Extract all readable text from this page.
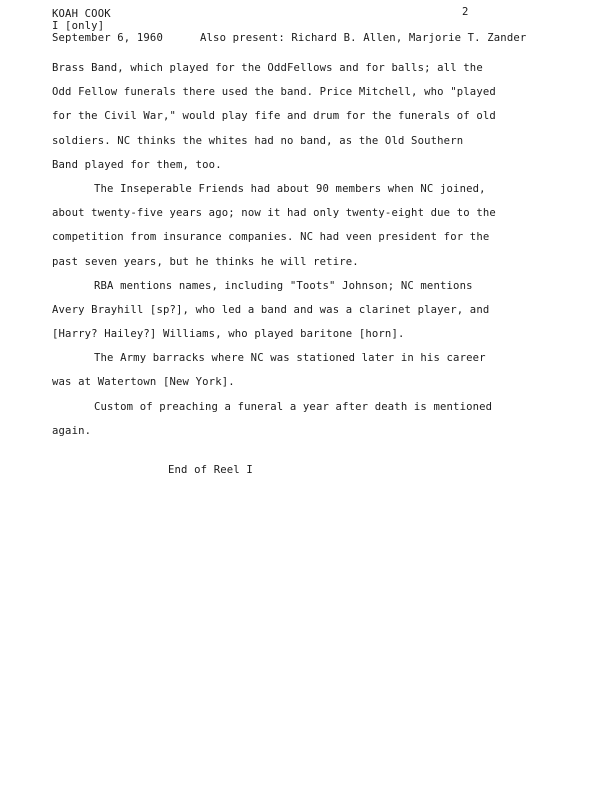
KOAH COOK
I [only]
2
September 6, 1960	Also present: Richard B. Allen, Marjorie T. Zander
Brass Band, which played for the OddFellows and for balls; all the
Odd Fellow funerals there used the band. Price Mitchell, who "played
for the Civil War," would play fife and drum for the funerals of old
soldiers. NC thinks the whites had no band, as the Old Southern
Band played for them, too.
The Inseperable Friends had about 90 members when NC joined,
about twenty-five years ago; now it had only twenty-eight due to the
competition from insurance companies. NC had veen president for the
past seven years, but he thinks he will retire.
RBA mentions names, including "Toots" Johnson; NC mentions
Avery Brayhill [sp?], who led a band and was a clarinet player, and
[Harry? Hailey?] Williams, who played baritone [horn].
The Army barracks where NC was stationed later in his career
was at Watertown [New York].
Custom of preaching a funeral a year after death is mentioned
again.
End of Reel I
